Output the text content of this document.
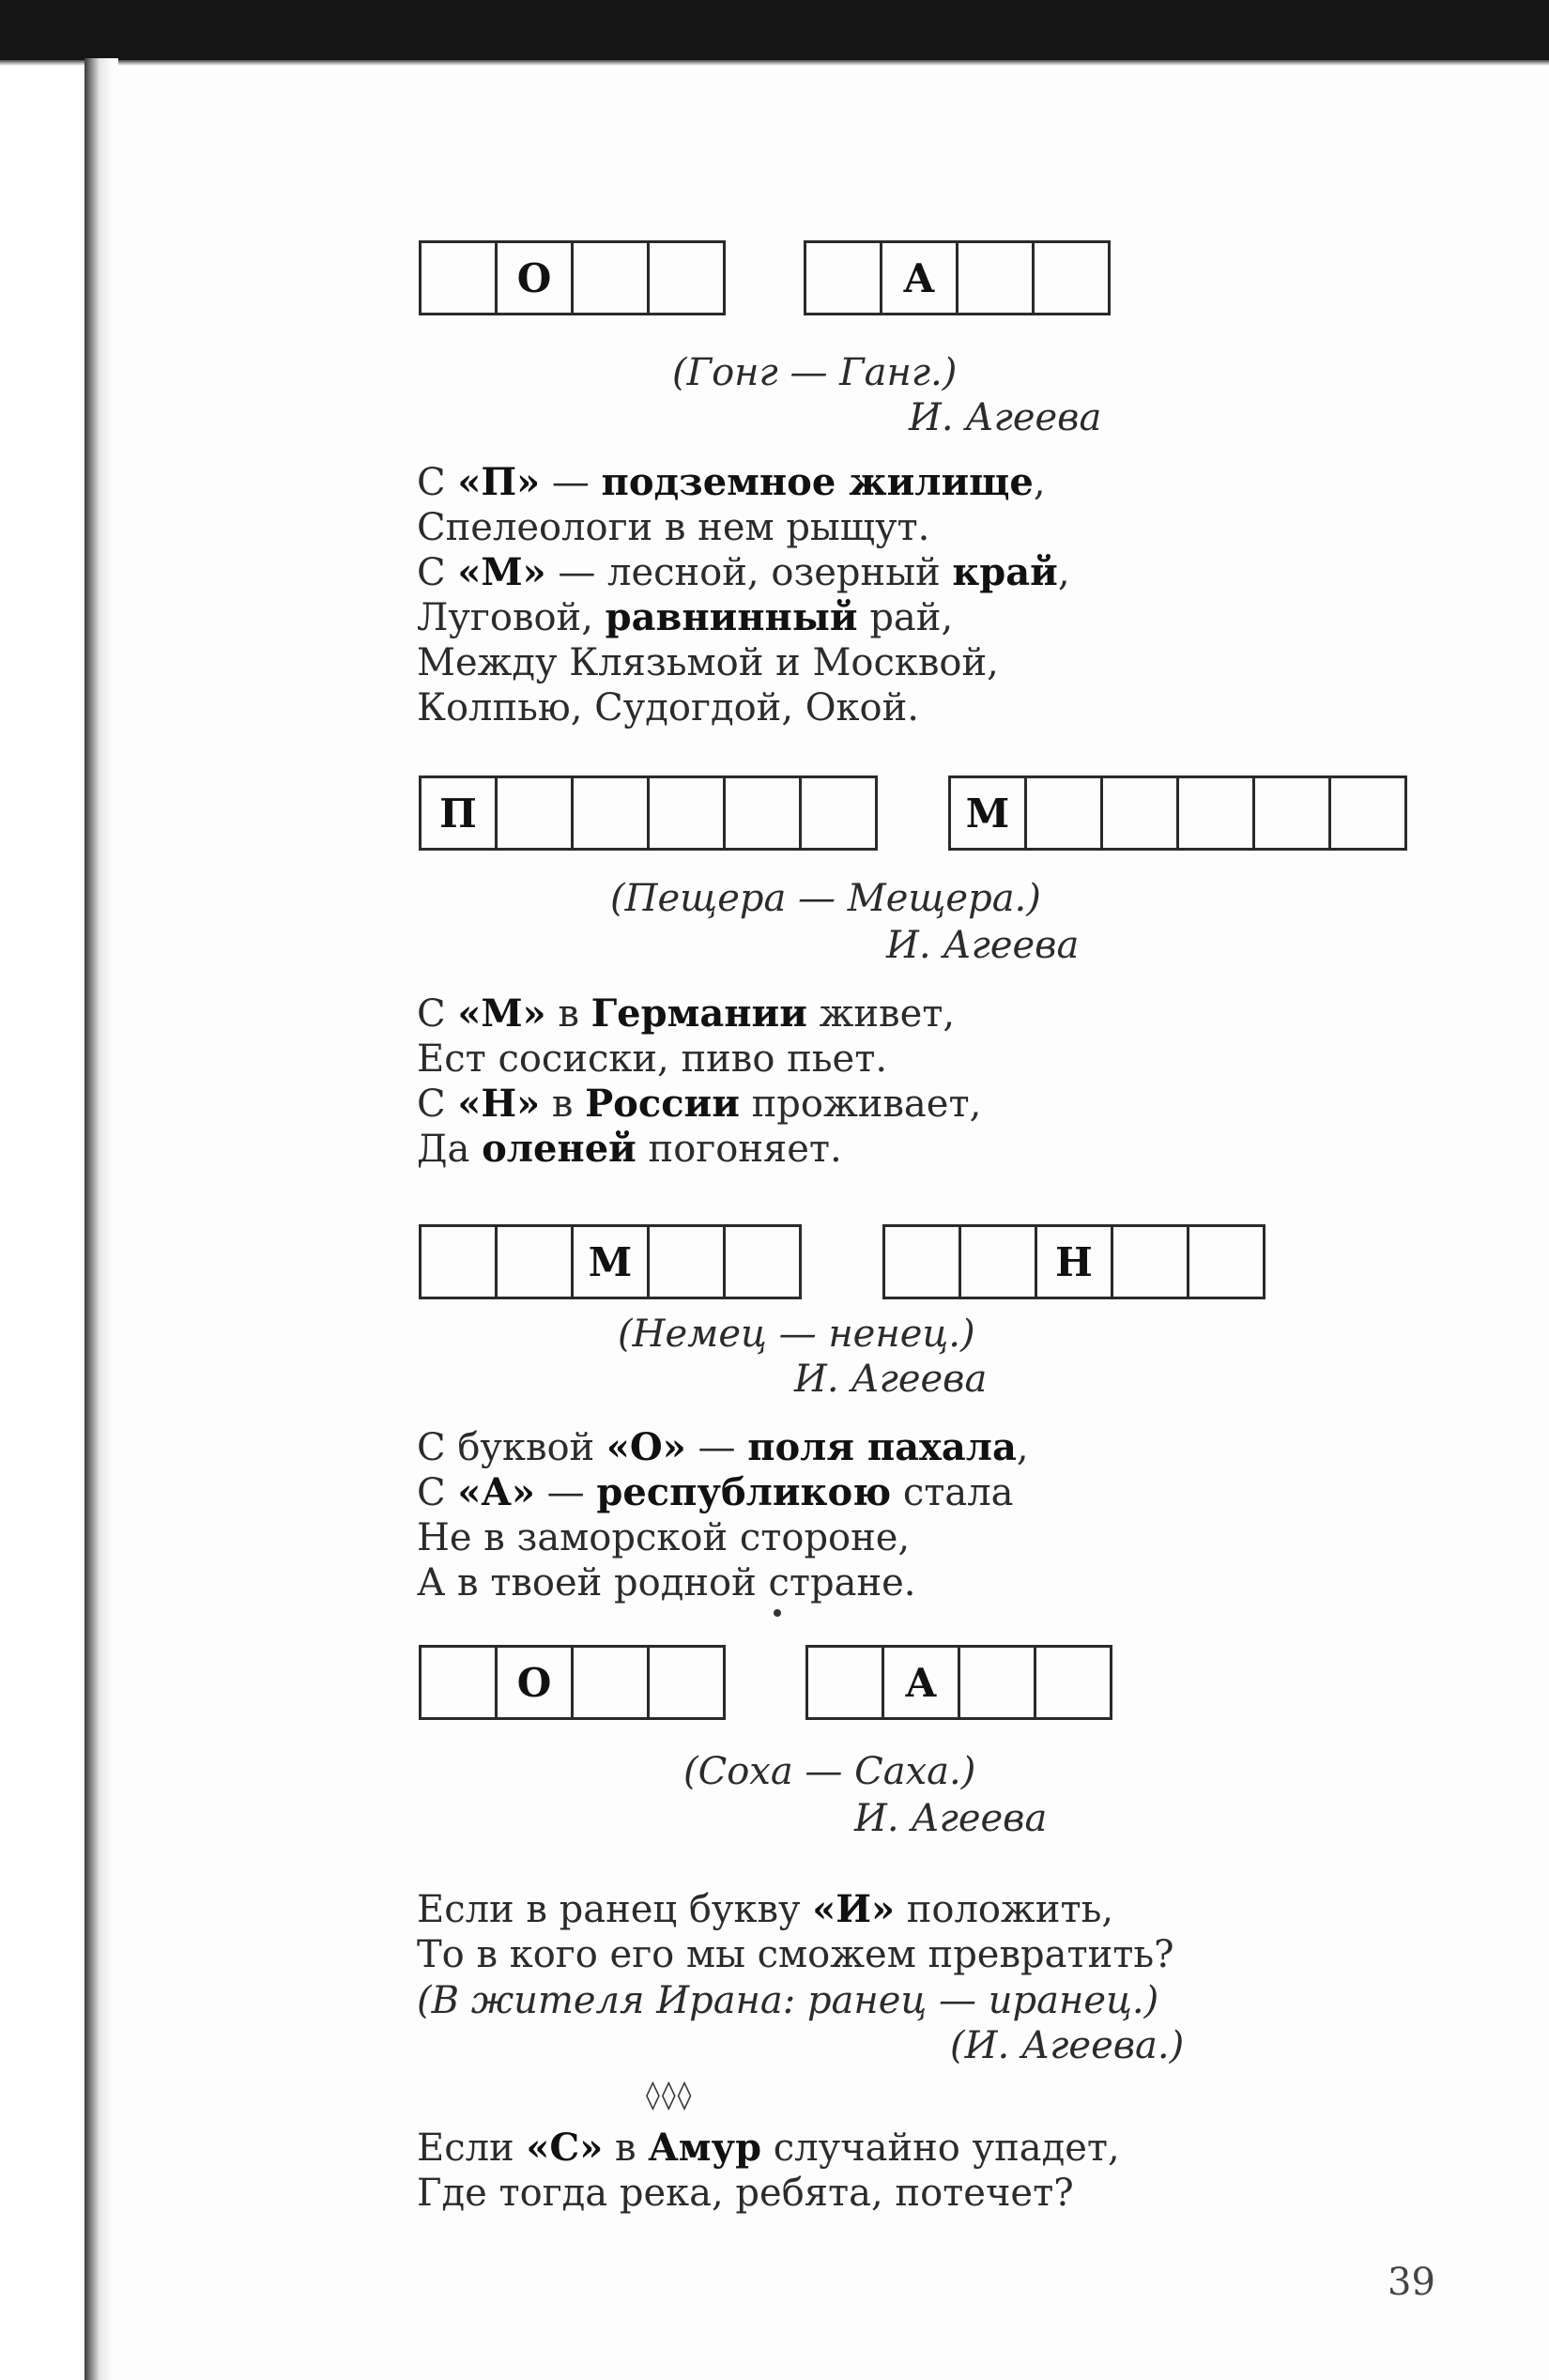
О	А
(Гонг — Ганг.)
И. Агеева
С «П» — подземное жилище,
Спелеологи в нем рыщут.
С «М» — лесной, озерный край,
Луговой, равнинный рай,
Между Клязьмой и Москвой,
Колпью, Судогдой, Окой.
П	М
(Пещера — Мещера.)
И. Агеева
С «М» в Германии живет,
Ест сосиски, пиво пьет.
С «Н» в России проживает,
Да оленей погоняет.
М	Н
(Немец — ненец.)
И. Агеева
С буквой «О» — поля пахала,
С «А» — республикою стала
Не в заморской стороне,
А в твоей родной стране.
О	А
(Соха — Саха.)
И. Агеева
Если в ранец букву «И» положить,
То в кого его мы сможем превратить?
(В жителя Ирана: ранец — иранец.)
(И. Агеева.)
◊◊◊
Если «С» в Амур случайно упадет,
Где тогда река, ребята, потечет?
39
